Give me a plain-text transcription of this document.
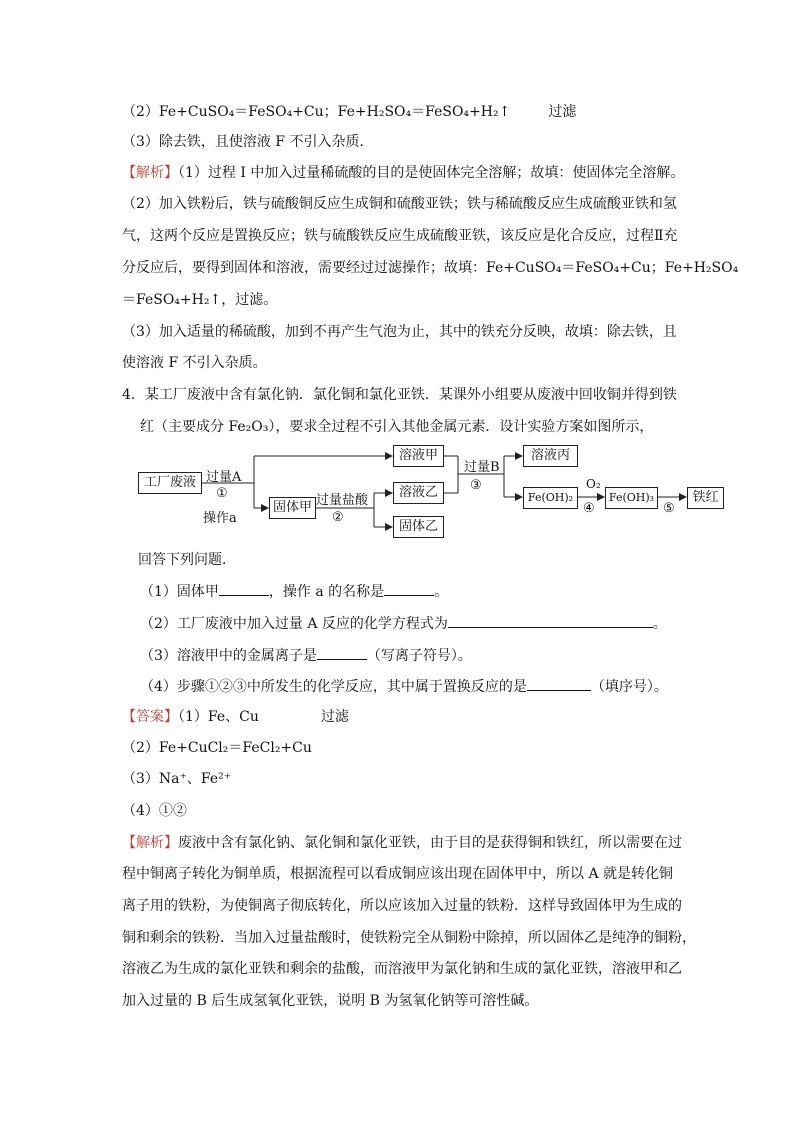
（2）Fe+CuSO₄＝FeSO₄+Cu；Fe+H₂SO₄＝FeSO₄+H₂↑	过滤
（3）除去铁，且使溶液 F 不引入杂质．
【解析】（1）过程 I 中加入过量稀硫酸的目的是使固体完全溶解；故填：使固体完全溶解。
（2）加入铁粉后，铁与硫酸铜反应生成铜和硫酸亚铁；铁与稀硫酸反应生成硫酸亚铁和氢
气，这两个反应是置换反应；铁与硫酸铁反应生成硫酸亚铁，该反应是化合反应，过程Ⅱ充
分反应后，要得到固体和溶液，需要经过过滤操作；故填：Fe+CuSO₄＝FeSO₄+Cu；Fe+H₂SO₄
＝FeSO₄+H₂↑，过滤。
（3）加入适量的稀硫酸，加到不再产生气泡为止，其中的铁充分反映，故填：除去铁，且
使溶液 F 不引入杂质。
4．某工厂废液中含有氯化钠．氯化铜和氯化亚铁．某课外小组要从废液中回收铜并得到铁
红（主要成分 Fe₂O₃），要求全过程不引入其他金属元素．设计实验方案如图所示，
工厂废液 过量A
①
操作a
固体甲 过量盐酸
②
溶液甲
溶液乙
固体乙
过量B
③
溶液丙
Fe(OH)₂
O₂
④
Fe(OH)₃
⑤
铁红
回答下列问题．
（1）固体甲	，操作 a 的名称是	。
（2）工厂废液中加入过量 A 反应的化学方程式为	。
（3）溶液甲中的金属离子是	（写离子符号）。
（4）步骤①②③中所发生的化学反应，其中属于置换反应的是	（填序号）。
【答案】（1）Fe、Cu	过滤
（2）Fe+CuCl₂＝FeCl₂+Cu
（3）Na⁺、Fe²⁺
（4）①②
【解析】废液中含有氯化钠、氯化铜和氯化亚铁，由于目的是获得铜和铁红，所以需要在过
程中铜离子转化为铜单质，根据流程可以看成铜应该出现在固体甲中，所以 A 就是转化铜
离子用的铁粉，为使铜离子彻底转化，所以应该加入过量的铁粉．这样导致固体甲为生成的
铜和剩余的铁粉．当加入过量盐酸时，使铁粉完全从铜粉中除掉，所以固体乙是纯净的铜粉，
溶液乙为生成的氯化亚铁和剩余的盐酸，而溶液甲为氯化钠和生成的氯化亚铁，溶液甲和乙
加入过量的 B 后生成氢氧化亚铁，说明 B 为氢氧化钠等可溶性碱。
